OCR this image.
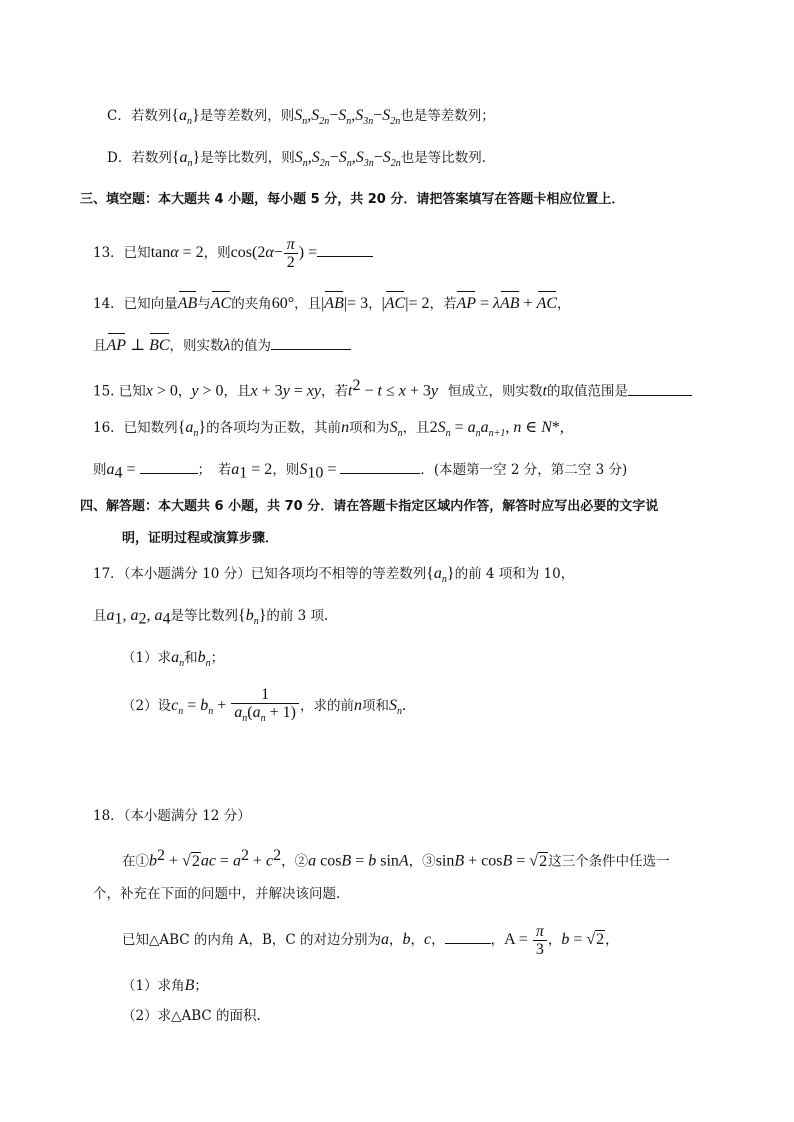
C．若数列$\{a_n\}$是等差数列，则$S_n,S_{2n}-S_n,S_{3n}-S_{2n}$也是等差数列；
D．若数列$\{a_n\}$是等比数列，则$S_n,S_{2n}-S_n,S_{3n}-S_{2n}$也是等比数列.
三、填空题：本大题共 4 小题，每小题 5 分，共 20 分．请把答案填写在答题卡相应位置上．
13．已知tanα = 2，则$\cos(2\alpha- \frac{\pi}{2}$ ) =
14．已知向量AB与AC的夹角60°，且|AB|= 3，|AC|= 2，若AP = λAB + AC，
且AP ⊥ BC，则实数λ的值为
15. 已知x > 0，y > 0，且x + 3y = xy，若$t^2 - t \le x + 3y$ 恒成立，则实数t的取值范围是
16．已知数列$\{a_n\}$的各项均为正数，其前n项和为$S_n$，且$2S_n = a_na_{n+1}$, n ∈ N*,
则$a_4$ =	；　若$a_1 = 2$，则$S_{10}$ =	．(本题第一空 2 分，第二空 3 分)
四、解答题：本大题共 6 小题，共 70 分．请在答题卡指定区域内作答，解答时应写出必要的文字说
明，证明过程或演算步骤．
17．（本小题满分 10 分）已知各项均不相等的等差数列$\{a_n\}$的前 4 项和为 10，
且$a_1$, $a_2$, $a_4$是等比数列$\{b_n\}$的前 3 项.
（1）求$a_n$和$b_n$；
（2）设$c_n = b_n + \frac{1}{a_n(a_n + 1)}$ ，求的前n项和$S_n$.
18．（本小题满分 12 分）
在$①b^2 + √2ac = a^2 + c^2$，②a cosB = b sinA，③sinB + cosB = √2这三个条件中任选一
个，补充在下面的问题中，并解决该问题.
已知△ABC 的内角 A，B，C 的对边分别为a，b，c，	，$A = \frac{\pi}{3}$ ，b = √2，
（1）求角B；
（2）求△ABC 的面积.
